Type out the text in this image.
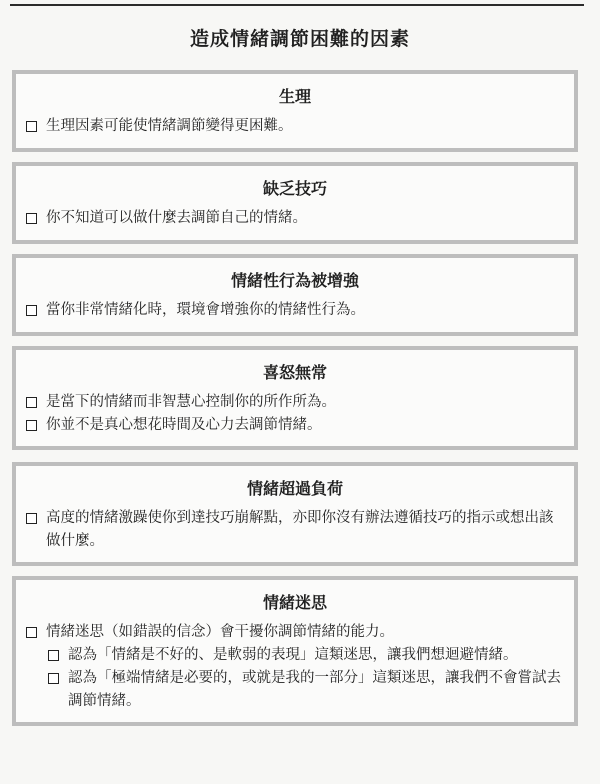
造成情緒調節困難的因素
生理
生理因素可能使情緒調節變得更困難。
缺乏技巧
你不知道可以做什麼去調節自己的情緒。
情緒性行為被增強
當你非常情緒化時，環境會增強你的情緒性行為。
喜怒無常
是當下的情緒而非智慧心控制你的所作所為。
你並不是真心想花時間及心力去調節情緒。
情緒超過負荷
高度的情緒激躁使你到達技巧崩解點，亦即你沒有辦法遵循技巧的指示或想出該做什麼。
情緒迷思
情緒迷思（如錯誤的信念）會干擾你調節情緒的能力。
認為「情緒是不好的、是軟弱的表現」這類迷思，讓我們想迴避情緒。
認為「極端情緒是必要的，或就是我的一部分」這類迷思，讓我們不會嘗試去調節情緒。
